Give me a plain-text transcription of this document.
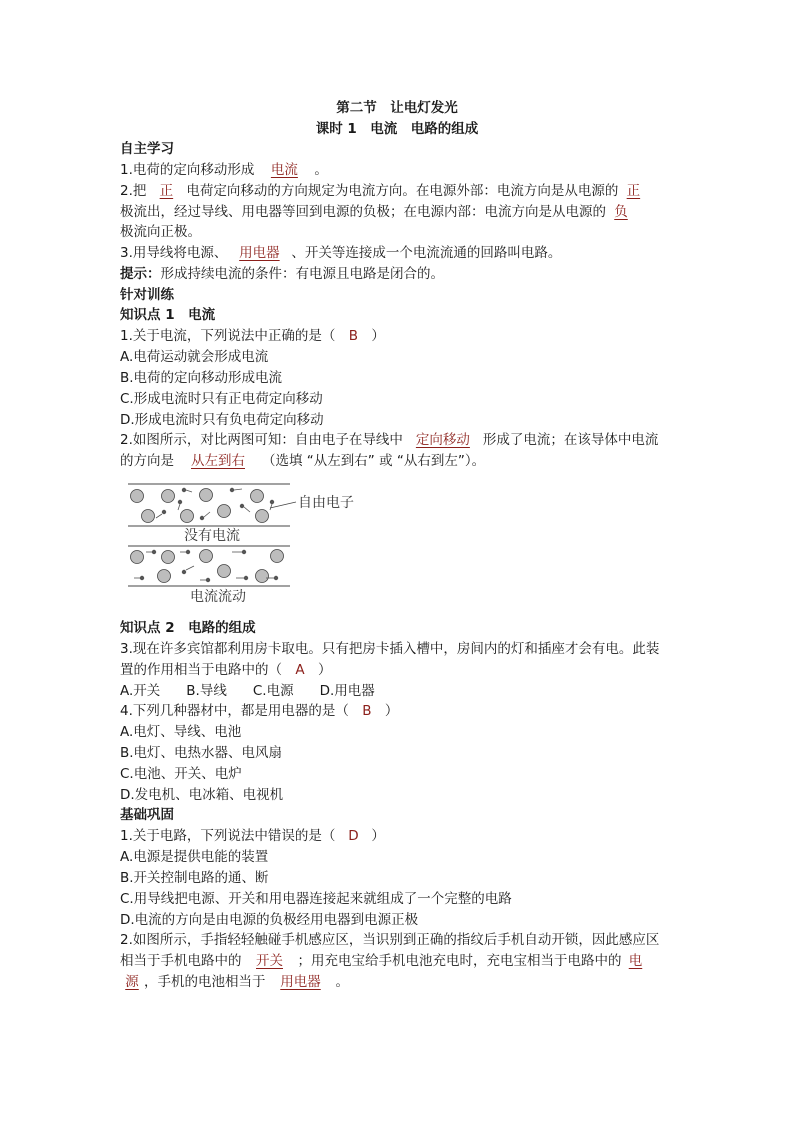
第二节　让电灯发光
课时 1　电流　电路的组成
自主学习
1.电荷的定向移动形成 电流 。
2.把 正 电荷定向移动的方向规定为电流方向。在电源外部：电流方向是从电源的 正
极流出，经过导线、用电器等回到电源的负极；在电源内部：电流方向是从电源的 负
极流向正极。
3.用导线将电源、 用电器 、开关等连接成一个电流流通的回路叫电路。
提示：形成持续电流的条件：有电源且电路是闭合的。
针对训练
知识点 1　电流
1.关于电流，下列说法中正确的是（ B ）
A.电荷运动就会形成电流
B.电荷的定向移动形成电流
C.形成电流时只有正电荷定向移动
D.形成电流时只有负电荷定向移动
2.如图所示，对比两图可知：自由电子在导线中 定向移动 形成了电流；在该导体中电流
的方向是 从左到右 （选填 “从左到右” 或 “从右到左”）。
自由电子
没有电流
电流流动
知识点 2　电路的组成
3.现在许多宾馆都利用房卡取电。只有把房卡插入槽中，房间内的灯和插座才会有电。此装
置的作用相当于电路中的（ A ）
A.开关 B.导线 C.电源 D.用电器
4.下列几种器材中，都是用电器的是（ B ）
A.电灯、导线、电池
B.电灯、电热水器、电风扇
C.电池、开关、电炉
D.发电机、电冰箱、电视机
基础巩固
1.关于电路，下列说法中错误的是（ D ）
A.电源是提供电能的装置
B.开关控制电路的通、断
C.用导线把电源、开关和用电器连接起来就组成了一个完整的电路
D.电流的方向是由电源的负极经用电器到电源正极
2.如图所示，手指轻轻触碰手机感应区，当识别到正确的指纹后手机自动开锁，因此感应区
相当于手机电路中的 开关 ；用充电宝给手机电池充电时，充电宝相当于电路中的 电
源 ，手机的电池相当于 用电器 。
